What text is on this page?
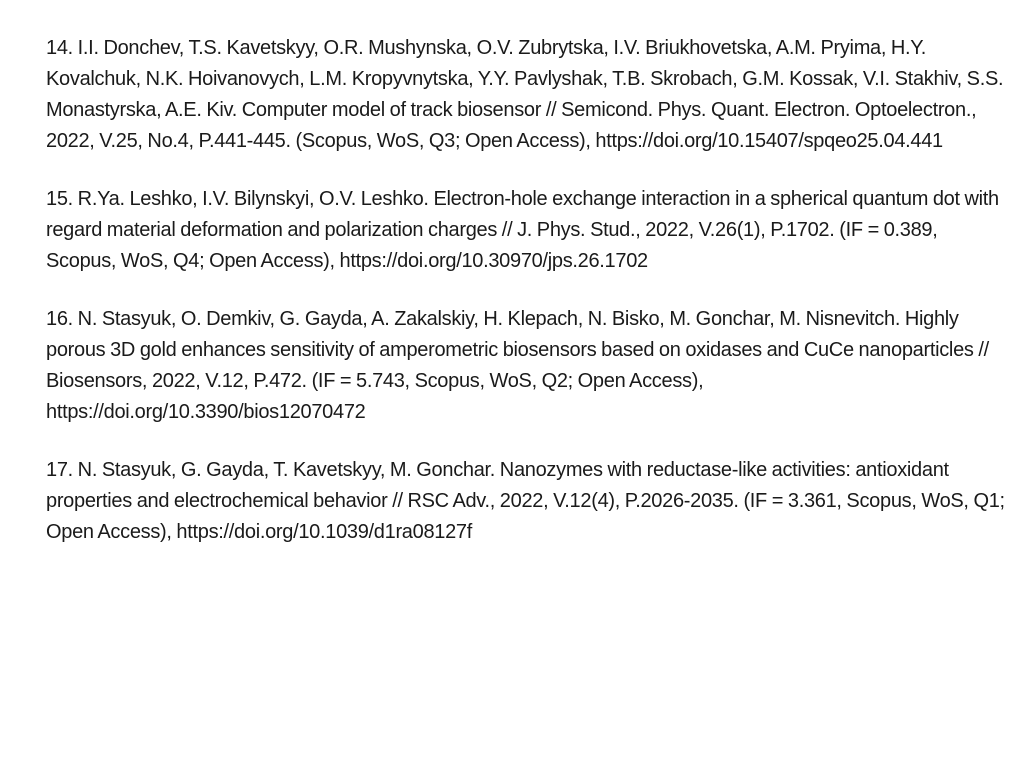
14. I.I. Donchev, T.S. Kavetskyy, O.R. Mushynska, O.V. Zubrytska, I.V. Briukhovetska, A.M. Pryima, H.Y. Kovalchuk, N.K. Hoivanovych, L.M. Kropyvnytska, Y.Y. Pavlyshak, T.B. Skrobach, G.M. Kossak, V.I. Stakhiv, S.S. Monastyrska, A.E. Kiv. Computer model of track biosensor // Semicond. Phys. Quant. Electron. Optoelectron., 2022, V.25, No.4, P.441-445. (Scopus, WoS, Q3; Open Access), https://doi.org/10.15407/spqeo25.04.441

15. R.Ya. Leshko, I.V. Bilynskyi, O.V. Leshko. Electron-hole exchange interaction in a spherical quantum dot with regard material deformation and polarization charges // J. Phys. Stud., 2022, V.26(1), P.1702. (IF = 0.389, Scopus, WoS, Q4; Open Access), https://doi.org/10.30970/jps.26.1702

16. N. Stasyuk, O. Demkiv, G. Gayda, A. Zakalskiy, H. Klepach, N. Bisko, M. Gonchar, M. Nisnevitch. Highly porous 3D gold enhances sensitivity of amperometric biosensors based on oxidases and CuCe nanoparticles // Biosensors, 2022, V.12, P.472. (IF = 5.743, Scopus, WoS, Q2; Open Access), https://doi.org/10.3390/bios12070472

17. N. Stasyuk, G. Gayda, T. Kavetskyy, M. Gonchar. Nanozymes with reductase-like activities: antioxidant properties and electrochemical behavior // RSC Adv., 2022, V.12(4), P.2026-2035. (IF = 3.361, Scopus, WoS, Q1; Open Access), https://doi.org/10.1039/d1ra08127f
